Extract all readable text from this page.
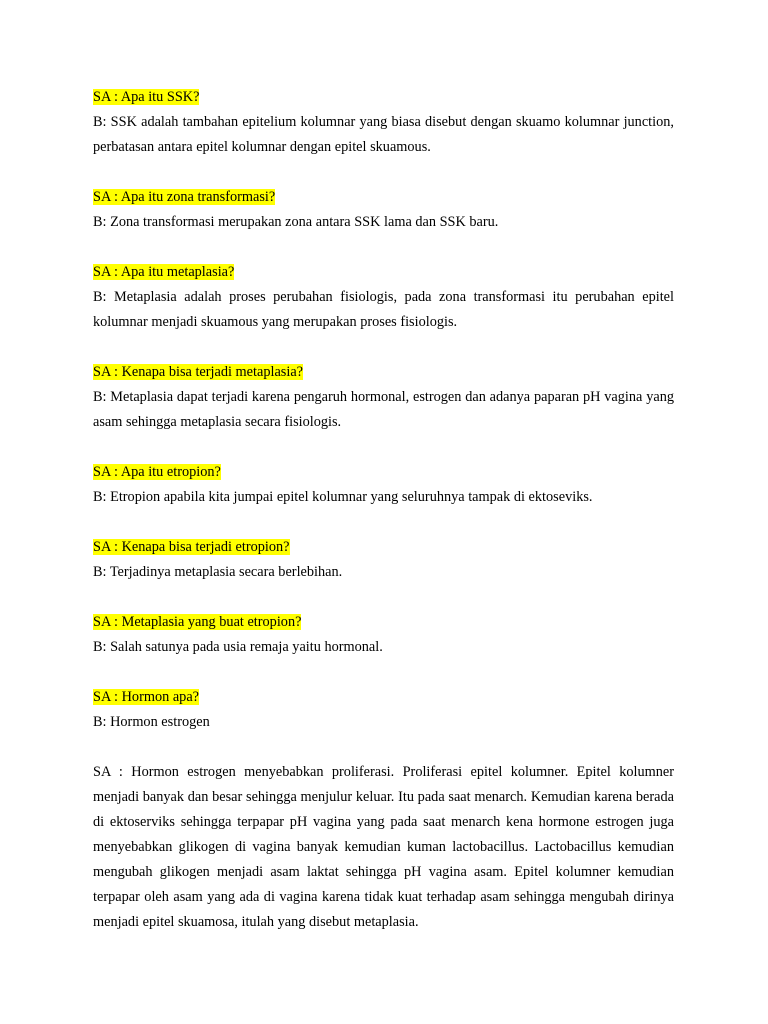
SA : Apa itu SSK?
B: SSK adalah tambahan epitelium kolumnar yang biasa disebut dengan skuamo kolumnar junction, perbatasan antara epitel kolumnar dengan epitel skuamous.
SA : Apa itu zona transformasi?
B: Zona transformasi merupakan zona antara SSK lama dan SSK baru.
SA : Apa itu metaplasia?
B: Metaplasia adalah proses perubahan fisiologis, pada zona transformasi itu perubahan epitel kolumnar menjadi skuamous yang merupakan proses fisiologis.
SA : Kenapa bisa terjadi metaplasia?
B: Metaplasia dapat terjadi karena pengaruh hormonal, estrogen dan adanya paparan pH vagina yang asam sehingga metaplasia secara fisiologis.
SA : Apa itu etropion?
B: Etropion apabila kita jumpai epitel kolumnar yang seluruhnya tampak di ektoseviks.
SA : Kenapa bisa terjadi etropion?
B: Terjadinya metaplasia secara berlebihan.
SA : Metaplasia yang buat etropion?
B: Salah satunya pada usia remaja yaitu hormonal.
SA : Hormon apa?
B: Hormon estrogen

SA : Hormon estrogen menyebabkan proliferasi. Proliferasi epitel kolumner. Epitel kolumner menjadi banyak dan besar sehingga menjulur keluar. Itu pada saat menarch. Kemudian karena berada di ektoserviks sehingga terpapar pH vagina yang pada saat menarch kena hormone estrogen juga menyebabkan glikogen di vagina banyak kemudian kuman lactobacillus. Lactobacillus kemudian mengubah glikogen menjadi asam laktat sehingga pH vagina asam. Epitel kolumner kemudian terpapar oleh asam yang ada di vagina karena tidak kuat terhadap asam sehingga mengubah dirinya menjadi epitel skuamosa, itulah yang disebut metaplasia.
